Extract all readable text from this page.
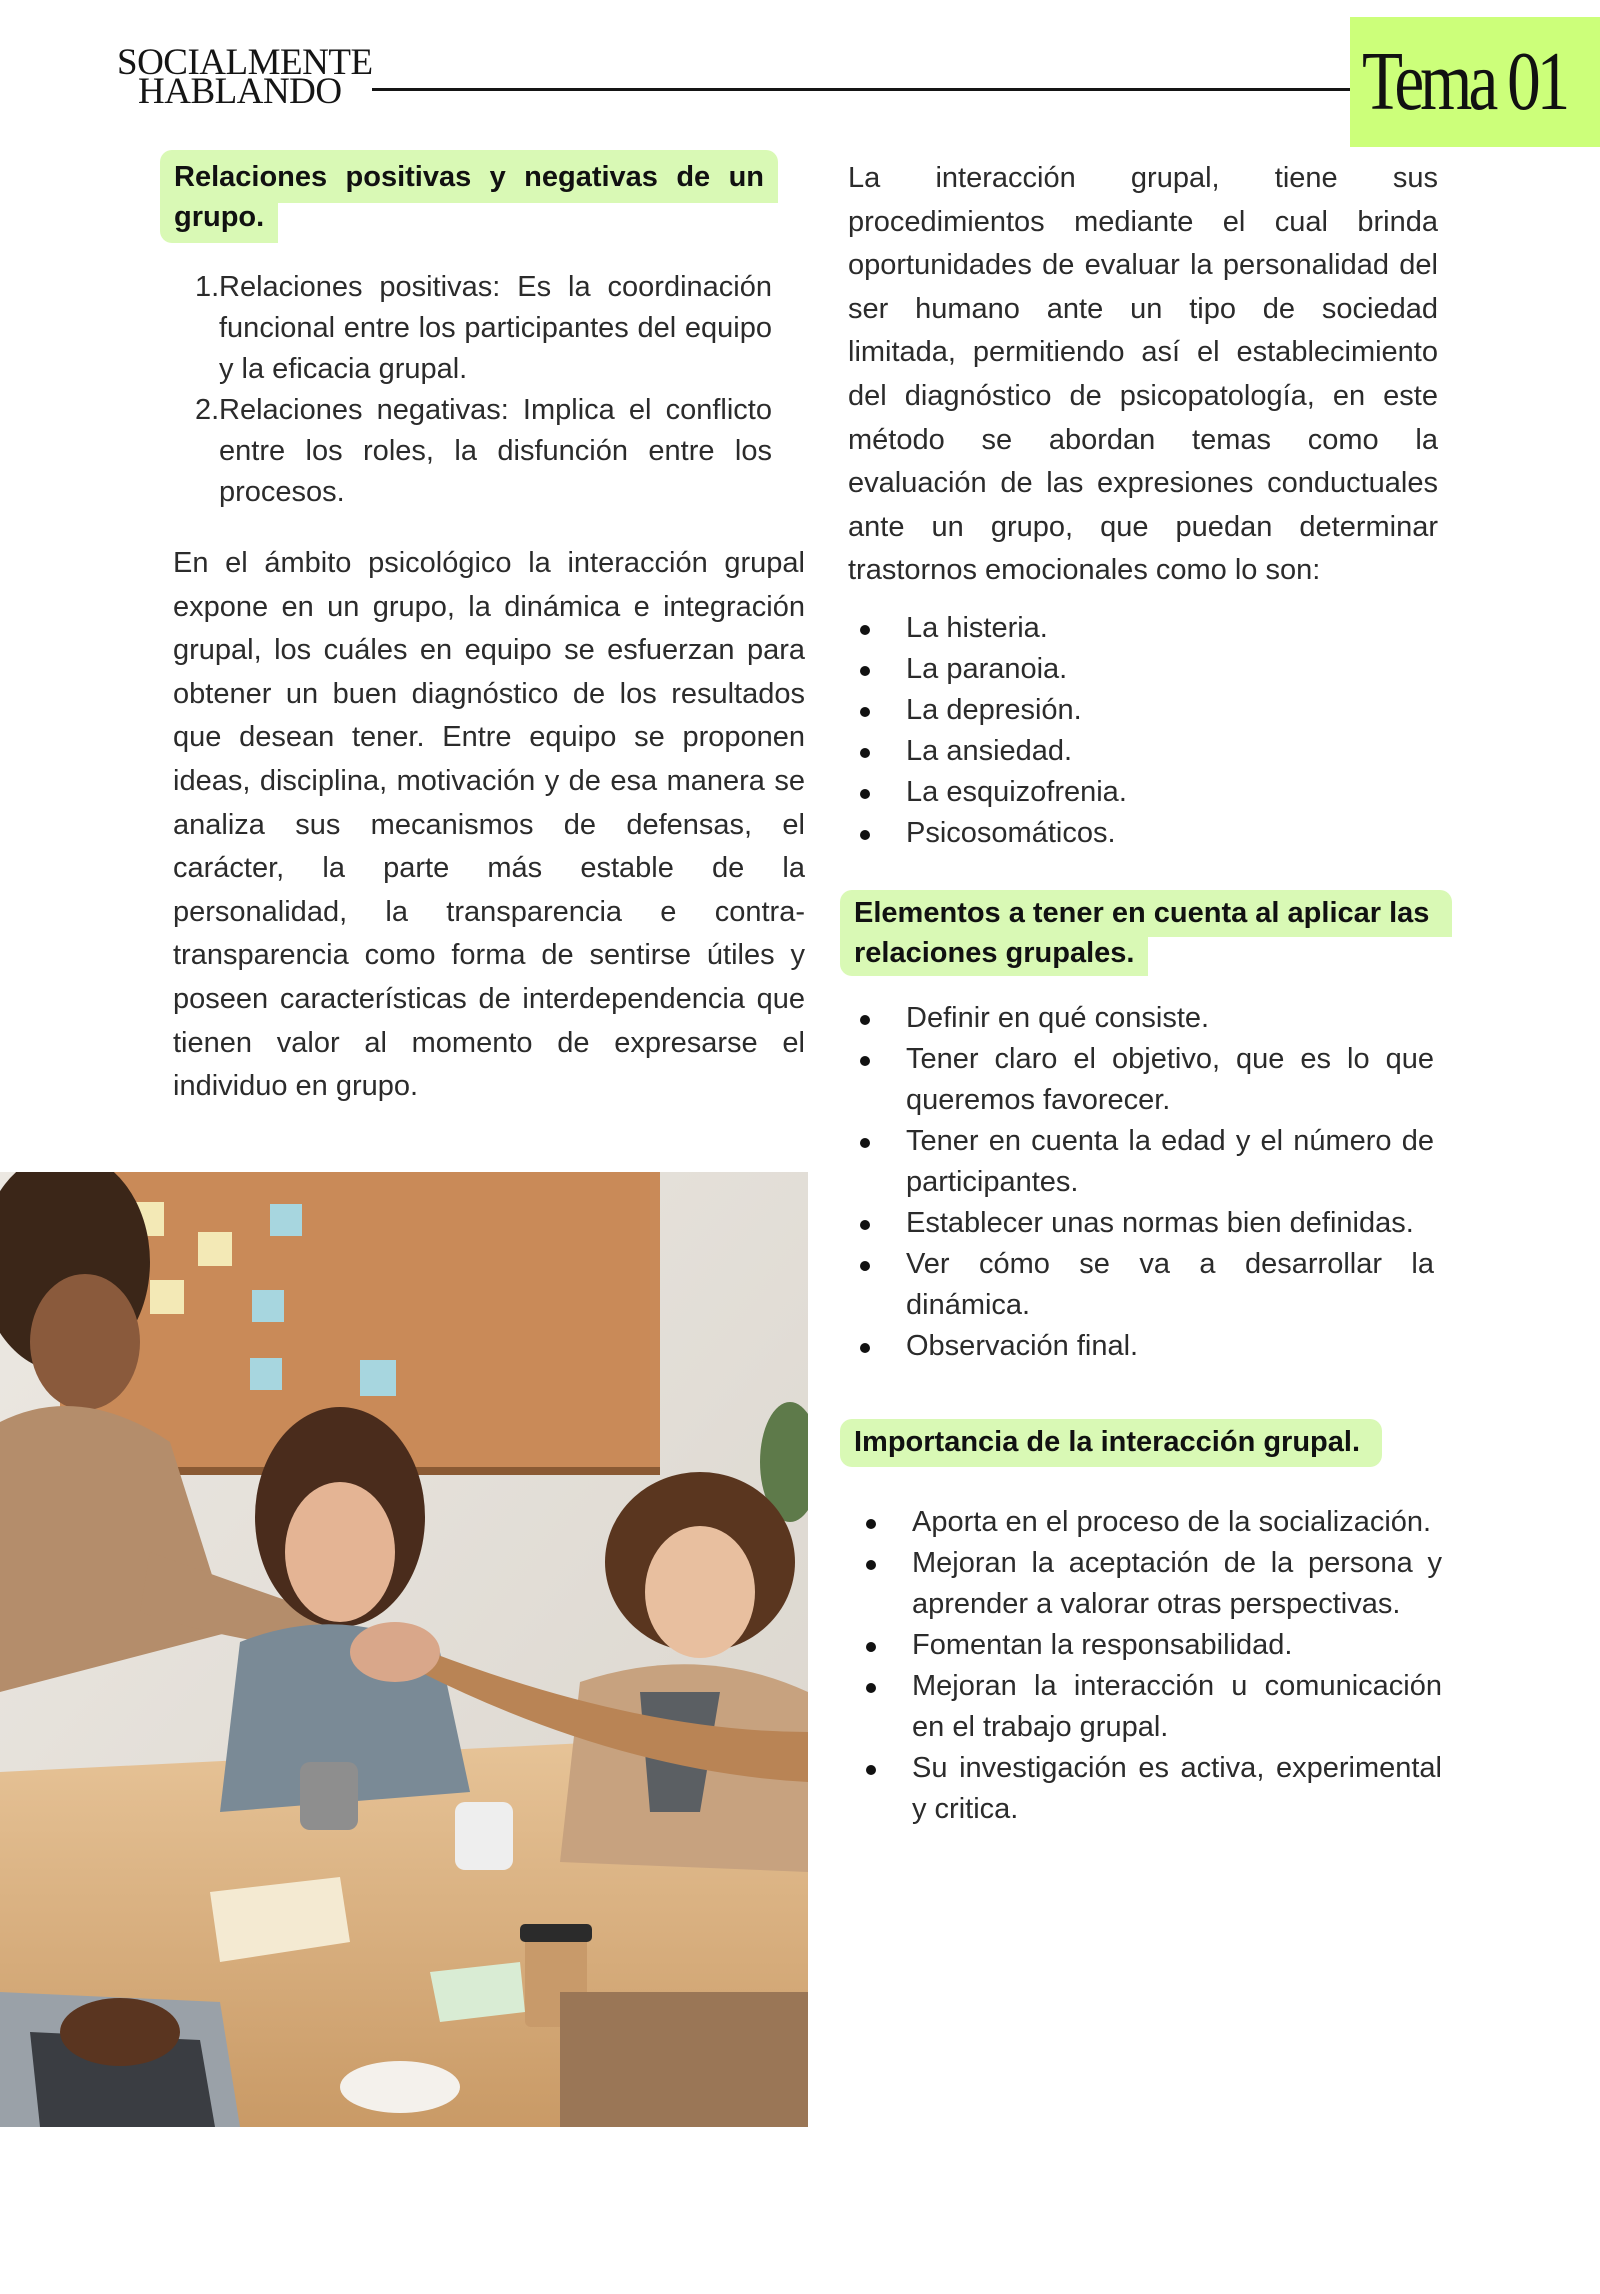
SOCIALMENTE
HABLANDO	Tema 01
Relaciones positivas y negativas de un
grupo.
1. Relaciones positivas: Es la coordinación funcional entre los participantes del equipo y la eficacia grupal.
2. Relaciones negativas: Implica el conflicto entre los roles, la disfunción entre los procesos.
En el ámbito psicológico la interacción grupal expone en un grupo, la dinámica e integración grupal, los cuáles en equipo se esfuerzan para obtener un buen diagnóstico de los resultados que desean tener. Entre equipo se proponen ideas, disciplina, motivación y de esa manera se analiza sus mecanismos de defensas, el carácter, la parte más estable de la personalidad, la transparencia e contra-transparencia como forma de sentirse útiles y poseen características de interdependencia que tienen valor al momento de expresarse el individuo en grupo.
La interacción grupal, tiene sus procedimientos mediante el cual brinda oportunidades de evaluar la personalidad del ser humano ante un tipo de sociedad limitada, permitiendo así el establecimiento del diagnóstico de psicopatología, en este método se abordan temas como la evaluación de las expresiones conductuales ante un grupo, que puedan determinar trastornos emocionales como lo son:
La histeria.
La paranoia.
La depresión.
La ansiedad.
La esquizofrenia.
Psicosomáticos.
Elementos a tener en cuenta al aplicar las
relaciones grupales.
Definir en qué consiste.
Tener claro el objetivo, que es lo que queremos favorecer.
Tener en cuenta la edad y el número de participantes.
Establecer unas normas bien definidas.
Ver cómo se va a desarrollar la dinámica.
Observación final.
Importancia de la interacción grupal.
Aporta en el proceso de la socialización.
Mejoran la aceptación de la persona y aprender a valorar otras perspectivas.
Fomentan la responsabilidad.
Mejoran la interacción u comunicación en el trabajo grupal.
Su investigación es activa, experimental y critica.
